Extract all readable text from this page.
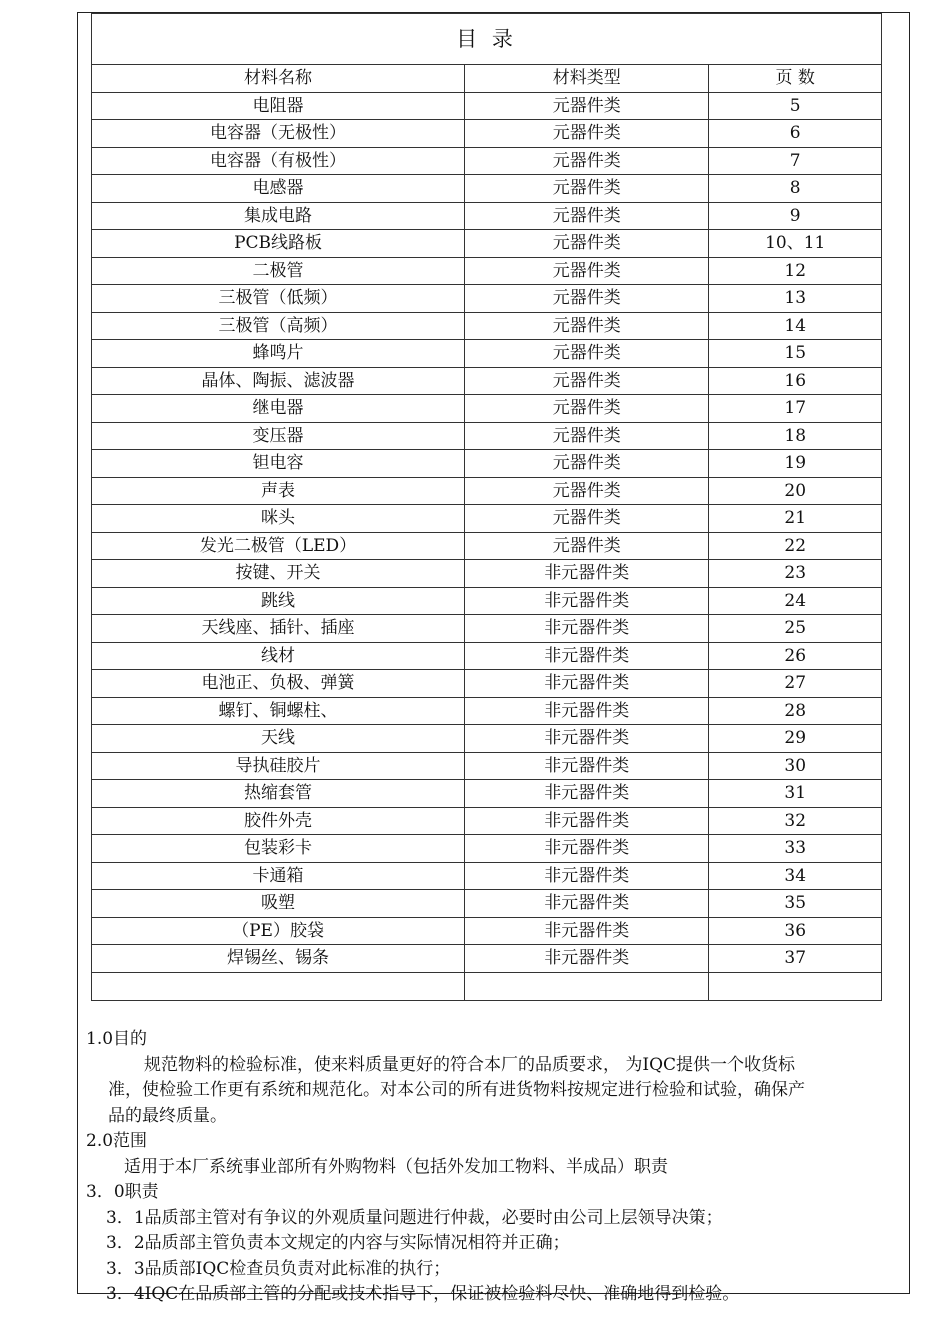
目 录		
材料名称	材料类型	页 数
电阻器	元器件类	5
电容器（无极性）	元器件类	6
电容器（有极性）	元器件类	7
电感器	元器件类	8
集成电路	元器件类	9
PCB线路板	元器件类	10、11
二极管	元器件类	12
三极管（低频）	元器件类	13
三极管（高频）	元器件类	14
蜂鸣片	元器件类	15
晶体、陶振、滤波器	元器件类	16
继电器	元器件类	17
变压器	元器件类	18
钽电容	元器件类	19
声表	元器件类	20
咪头	元器件类	21
发光二极管（LED）	元器件类	22
按键、开关	非元器件类	23
跳线	非元器件类	24
天线座、插针、插座	非元器件类	25
线材	非元器件类	26
电池正、负极、弹簧	非元器件类	27
螺钉、铜螺柱、	非元器件类	28
天线	非元器件类	29
导执硅胶片	非元器件类	30
热缩套管	非元器件类	31
胶件外壳	非元器件类	32
包装彩卡	非元器件类	33
卡通箱	非元器件类	34
吸塑	非元器件类	35
（PE）胶袋	非元器件类	36
焊锡丝、锡条	非元器件类	37

1.0目的

规范物料的检验标准，使来料质量更好的符合本厂的品质要求， 为IQC提供一个收货标

准，使检验工作更有系统和规范化。对本公司的所有进货物料按规定进行检验和试验，确保产

品的最终质量。

2.0范围

适用于本厂系统事业部所有外购物料（包括外发加工物料、半成品）职责

3．0职责

3．1品质部主管对有争议的外观质量问题进行仲裁，必要时由公司上层领导决策；

3．2品质部主管负责本文规定的内容与实际情况相符并正确；

3．3品质部IQC检查员负责对此标准的执行；

3．4IQC在品质部主管的分配或技术指导下，保证被检验料尽快、准确地得到检验。
